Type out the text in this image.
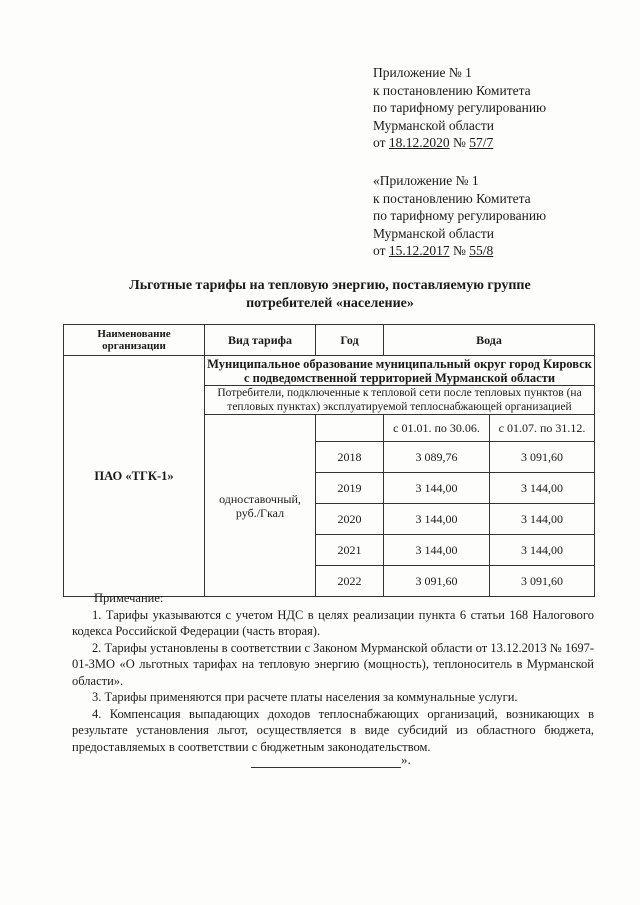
Приложение № 1
к постановлению Комитета
по тарифному регулированию
Мурманской области
от 18.12.2020 № 57/7
«Приложение № 1
к постановлению Комитета
по тарифному регулированию
Мурманской области
от 15.12.2017 № 55/8
Льготные тарифы на тепловую энергию, поставляемую группе
потребителей «население»
Наименование организации	Вид тарифа	Год	Вода	
ПАО «ТГК-1»	Муниципальное образование муниципальный округ город Кировск с подведомственной территорией Мурманской области			
	Потребители, подключенные к тепловой сети после тепловых пунктов (на тепловых пунктах) эксплуатируемой теплоснабжающей организацией			
	одноставочный, руб./Гкал		с 01.01. по 30.06.	с 01.07. по 31.12.
		2018	3 089,76	3 091,60
		2019	3 144,00	3 144,00
		2020	3 144,00	3 144,00
		2021	3 144,00	3 144,00
		2022	3 091,60	3 091,60

Примечание:

1. Тарифы указываются с учетом НДС в целях реализации пункта 6 статьи 168 Налогового кодекса Российской Федерации (часть вторая).

2. Тарифы установлены в соответствии с Законом Мурманской области от 13.12.2013 № 1697-01-ЗМО «О льготных тарифах на тепловую энергию (мощность), теплоноситель в Мурманской области».

3. Тарифы применяются при расчете платы населения за коммунальные услуги.

4. Компенсация выпадающих доходов теплоснабжающих организаций, возникающих в результате установления льгот, осуществляется в виде субсидий из областного бюджета, предоставляемых в соответствии с бюджетным законодательством.

».
